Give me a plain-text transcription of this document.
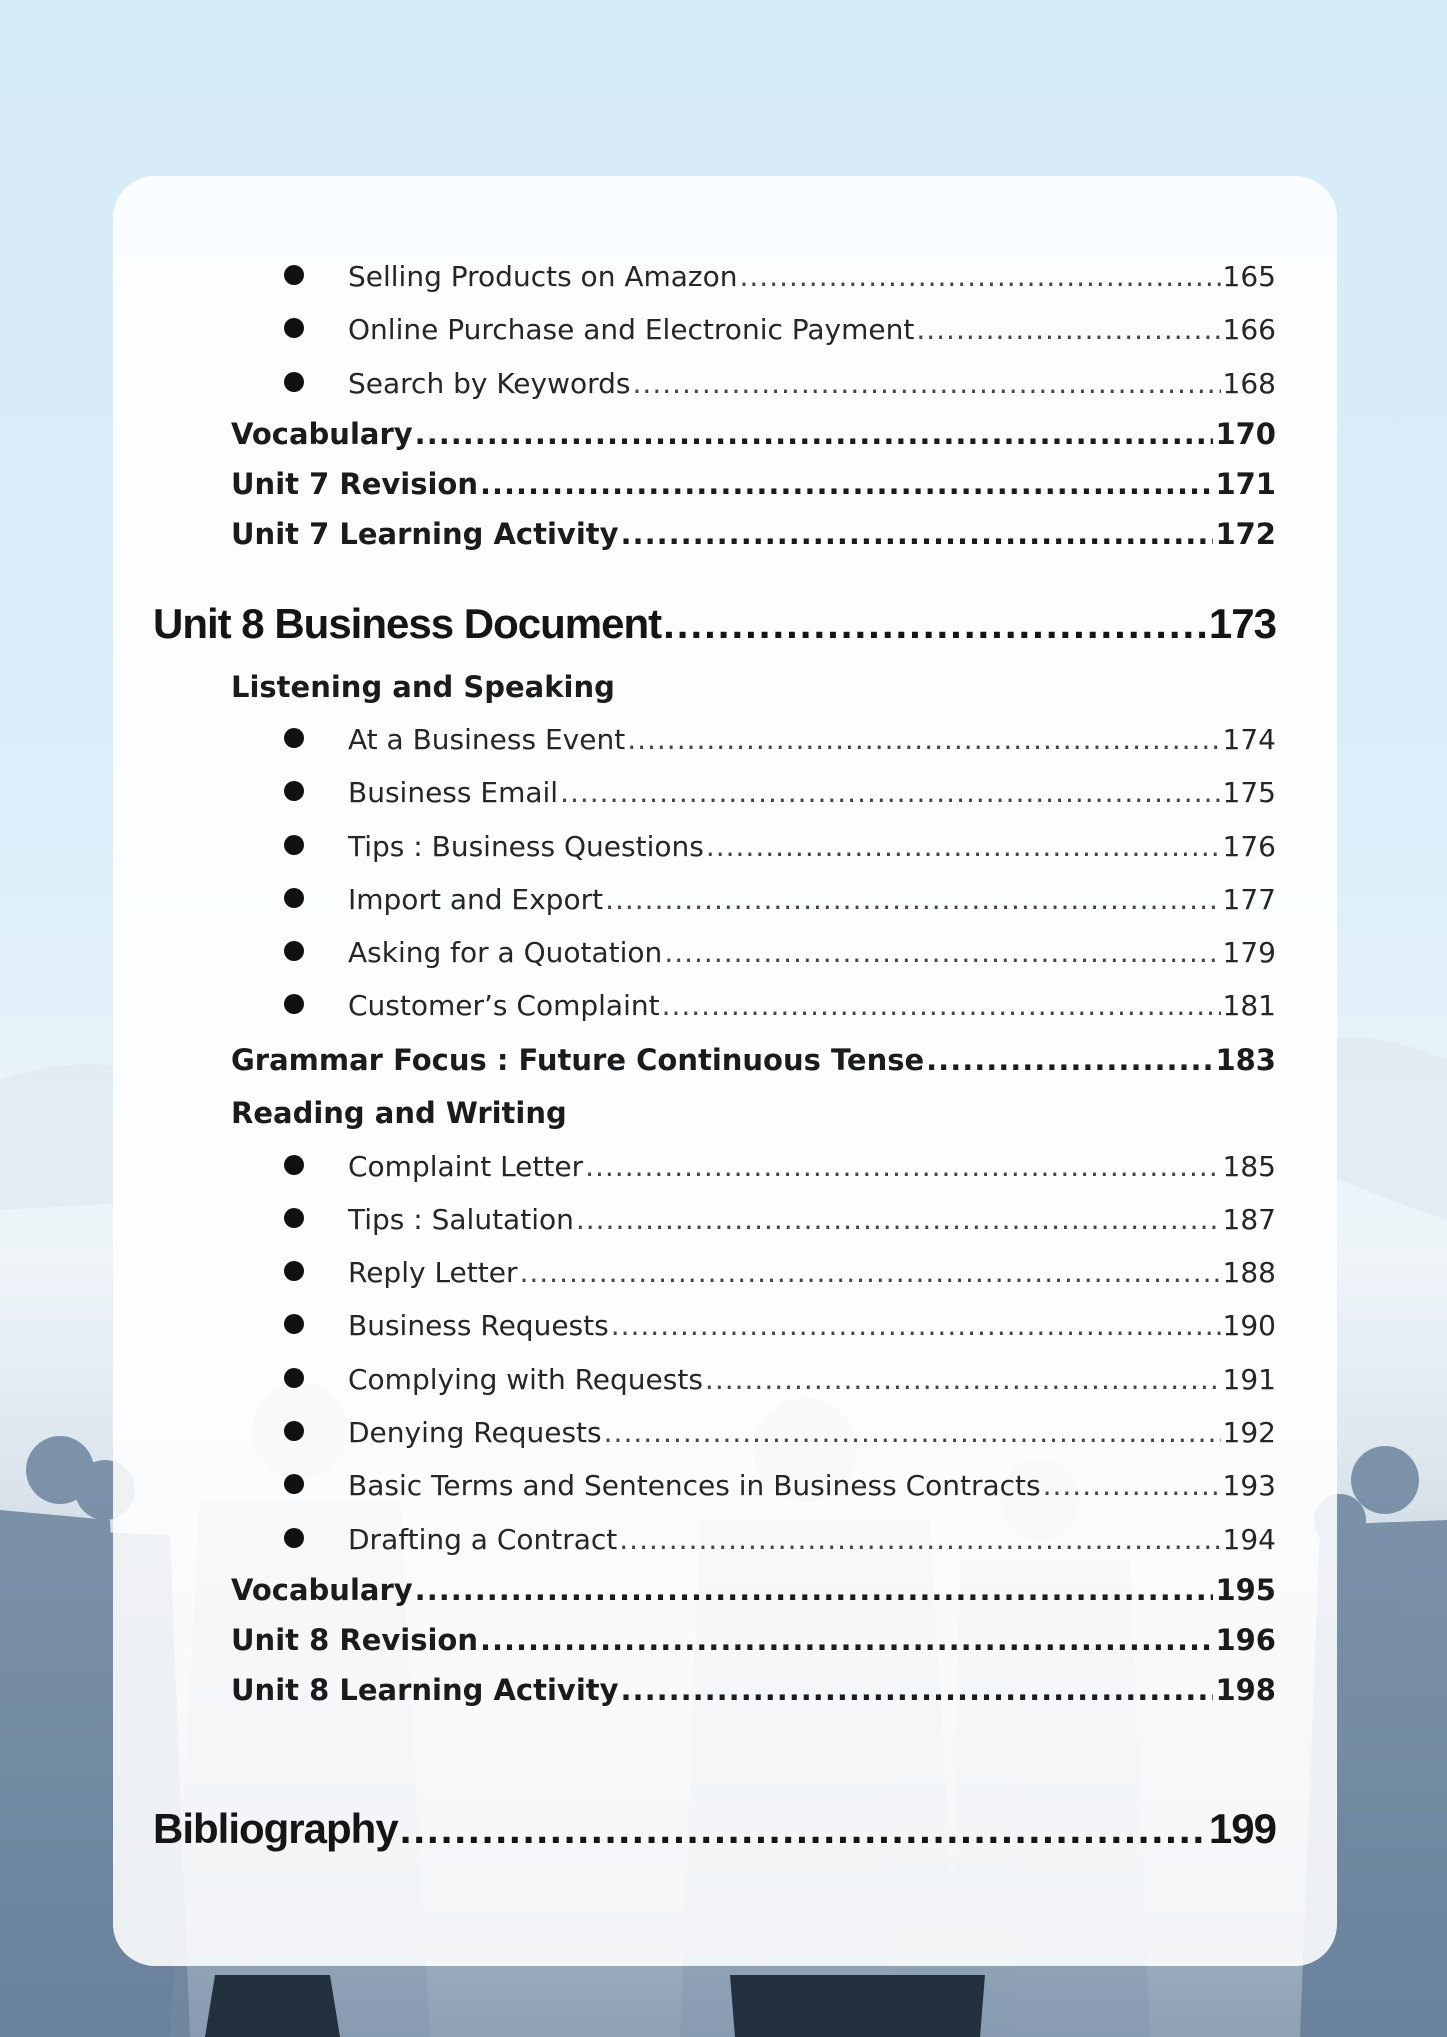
Selling Products on Amazon .....	165
Online Purchase and Electronic Payment .....	166
Search by Keywords .....	168
Vocabulary .....	170
Unit 7 Revision .....	171
Unit 7 Learning Activity .....	172
Unit 8 Business Document .....	173
Listening and Speaking
At a Business Event .....	174
Business Email .....	175
Tips : Business Questions .....	176
Import and Export .....	177
Asking for a Quotation .....	179
Customer’s Complaint .....	181
Grammar Focus : Future Continuous Tense .....	183
Reading and Writing
Complaint Letter .....	185
Tips : Salutation .....	187
Reply Letter .....	188
Business Requests .....	190
Complying with Requests .....	191
Denying Requests .....	192
Basic Terms and Sentences in Business Contracts .....	193
Drafting a Contract .....	194
Vocabulary .....	195
Unit 8 Revision .....	196
Unit 8 Learning Activity .....	198
Bibliography .....	199
